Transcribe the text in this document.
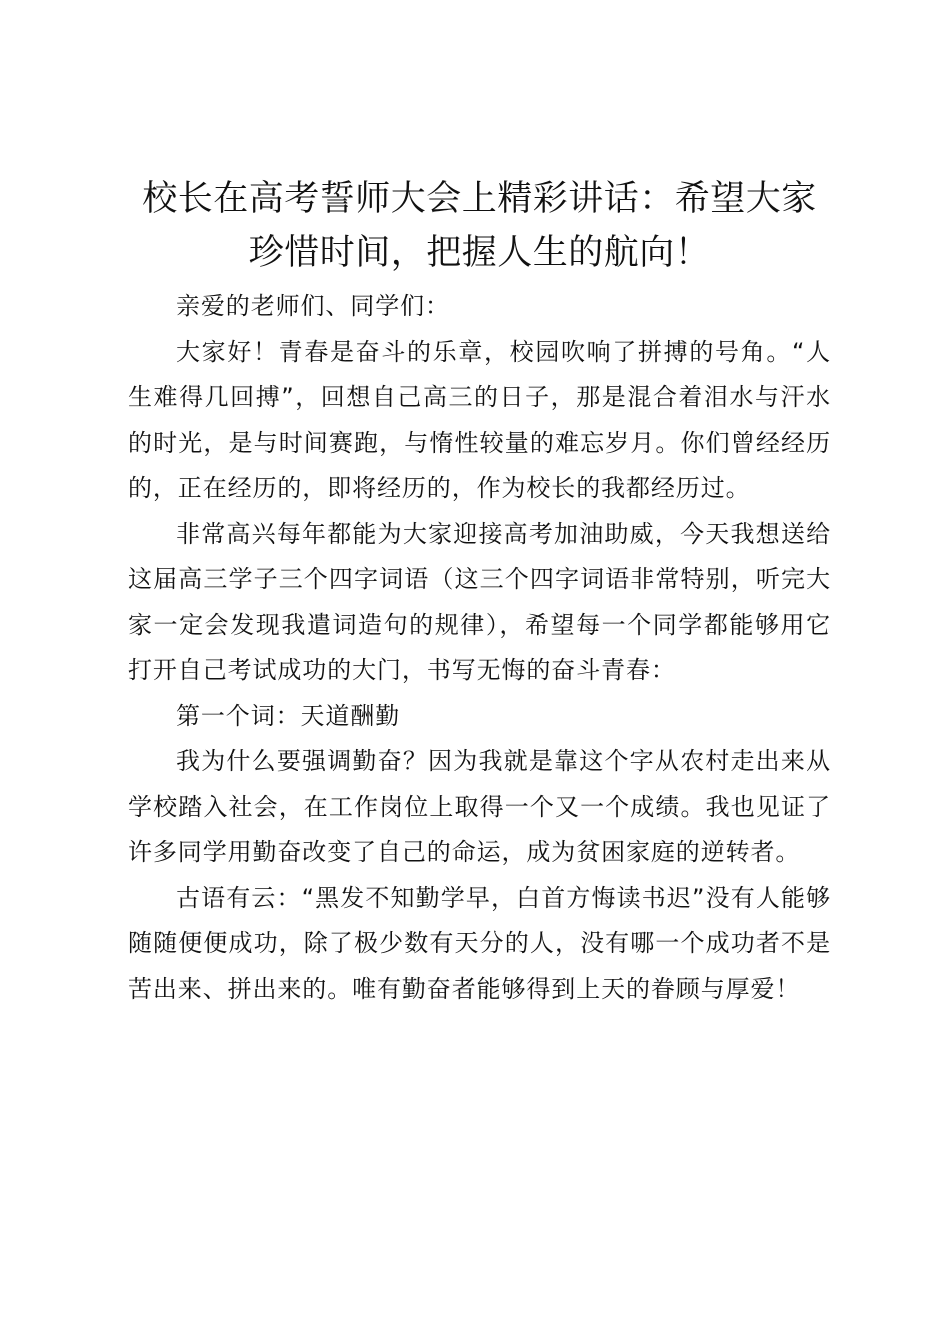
校长在高考誓师大会上精彩讲话：希望大家珍惜时间，把握人生的航向！

亲爱的老师们、同学们：

大家好！青春是奋斗的乐章，校园吹响了拼搏的号角。“人生难得几回搏”，回想自己高三的日子，那是混合着泪水与汗水的时光，是与时间赛跑，与惰性较量的难忘岁月。你们曾经经历的，正在经历的，即将经历的，作为校长的我都经历过。

非常高兴每年都能为大家迎接高考加油助威，今天我想送给这届高三学子三个四字词语（这三个四字词语非常特别，听完大家一定会发现我遣词造句的规律），希望每一个同学都能够用它打开自己考试成功的大门，书写无悔的奋斗青春：

第一个词：天道酬勤

我为什么要强调勤奋？因为我就是靠这个字从农村走出来从学校踏入社会，在工作岗位上取得一个又一个成绩。我也见证了许多同学用勤奋改变了自己的命运，成为贫困家庭的逆转者。

古语有云：“黑发不知勤学早，白首方悔读书迟”没有人能够随随便便成功，除了极少数有天分的人，没有哪一个成功者不是苦出来、拼出来的。唯有勤奋者能够得到上天的眷顾与厚爱！
